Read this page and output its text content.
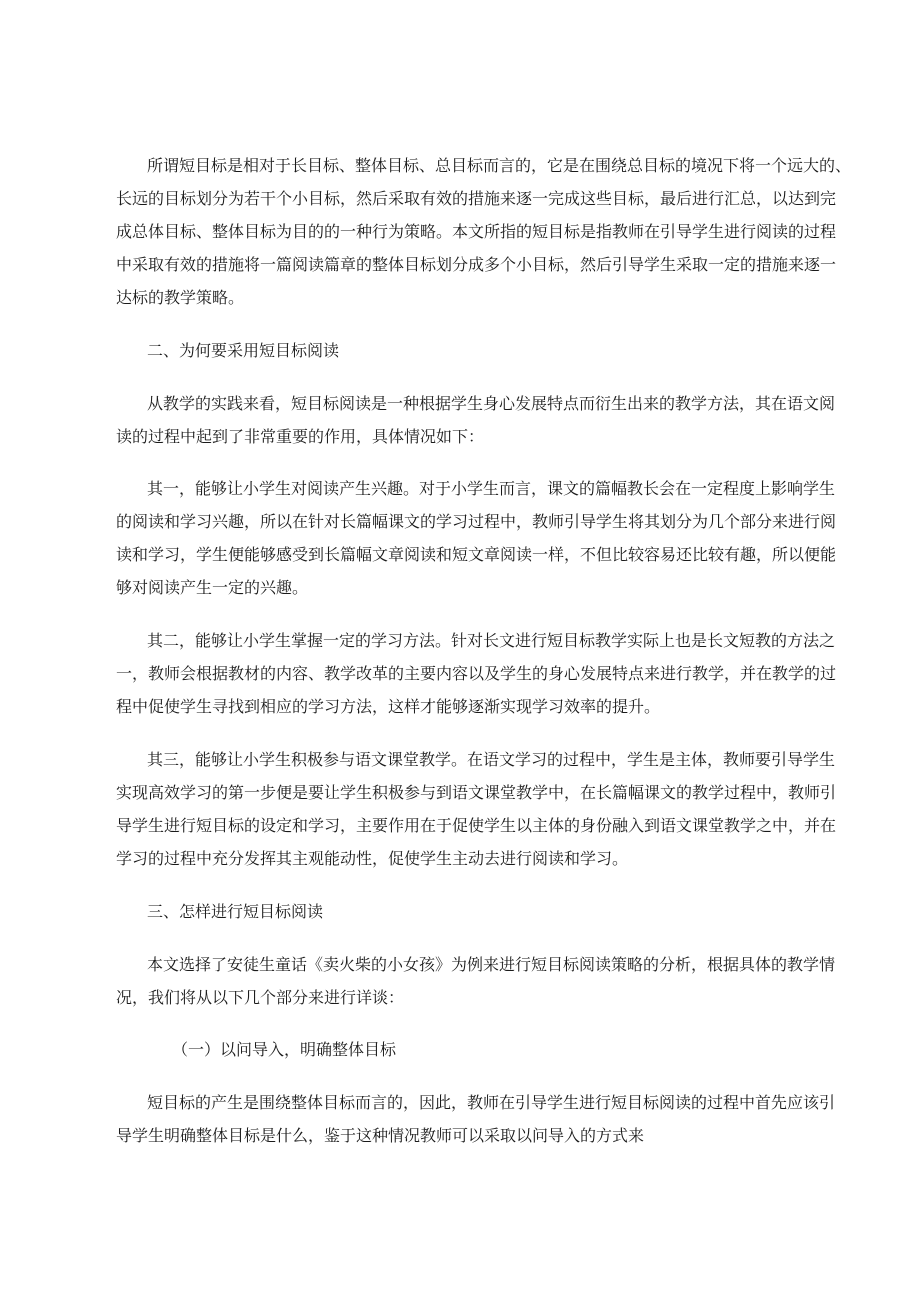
所谓短目标是相对于长目标、整体目标、总目标而言的，它是在围绕总目标的境况下将一个远大的、
长远的目标划分为若干个小目标，然后采取有效的措施来逐一完成这些目标，最后进行汇总，以达到完
成总体目标、整体目标为目的的一种行为策略。本文所指的短目标是指教师在引导学生进行阅读的过程
中采取有效的措施将一篇阅读篇章的整体目标划分成多个小目标，然后引导学生采取一定的措施来逐一
达标的教学策略。
二、为何要采用短目标阅读
从教学的实践来看，短目标阅读是一种根据学生身心发展特点而衍生出来的教学方法，其在语文阅
读的过程中起到了非常重要的作用，具体情况如下：
其一，能够让小学生对阅读产生兴趣。对于小学生而言，课文的篇幅教长会在一定程度上影响学生
的阅读和学习兴趣，所以在针对长篇幅课文的学习过程中，教师引导学生将其划分为几个部分来进行阅
读和学习，学生便能够感受到长篇幅文章阅读和短文章阅读一样，不但比较容易还比较有趣，所以便能
够对阅读产生一定的兴趣。
其二，能够让小学生掌握一定的学习方法。针对长文进行短目标教学实际上也是长文短教的方法之
一，教师会根据教材的内容、教学改革的主要内容以及学生的身心发展特点来进行教学，并在教学的过
程中促使学生寻找到相应的学习方法，这样才能够逐渐实现学习效率的提升。
其三，能够让小学生积极参与语文课堂教学。在语文学习的过程中，学生是主体，教师要引导学生
实现高效学习的第一步便是要让学生积极参与到语文课堂教学中，在长篇幅课文的教学过程中，教师引
导学生进行短目标的设定和学习，主要作用在于促使学生以主体的身份融入到语文课堂教学之中，并在
学习的过程中充分发挥其主观能动性，促使学生主动去进行阅读和学习。
三、怎样进行短目标阅读
本文选择了安徒生童话《卖火柴的小女孩》为例来进行短目标阅读策略的分析，根据具体的教学情
况，我们将从以下几个部分来进行详谈：
（一）以问导入，明确整体目标
短目标的产生是围绕整体目标而言的，因此，教师在引导学生进行短目标阅读的过程中首先应该引
导学生明确整体目标是什么，鉴于这种情况教师可以采取以问导入的方式来
